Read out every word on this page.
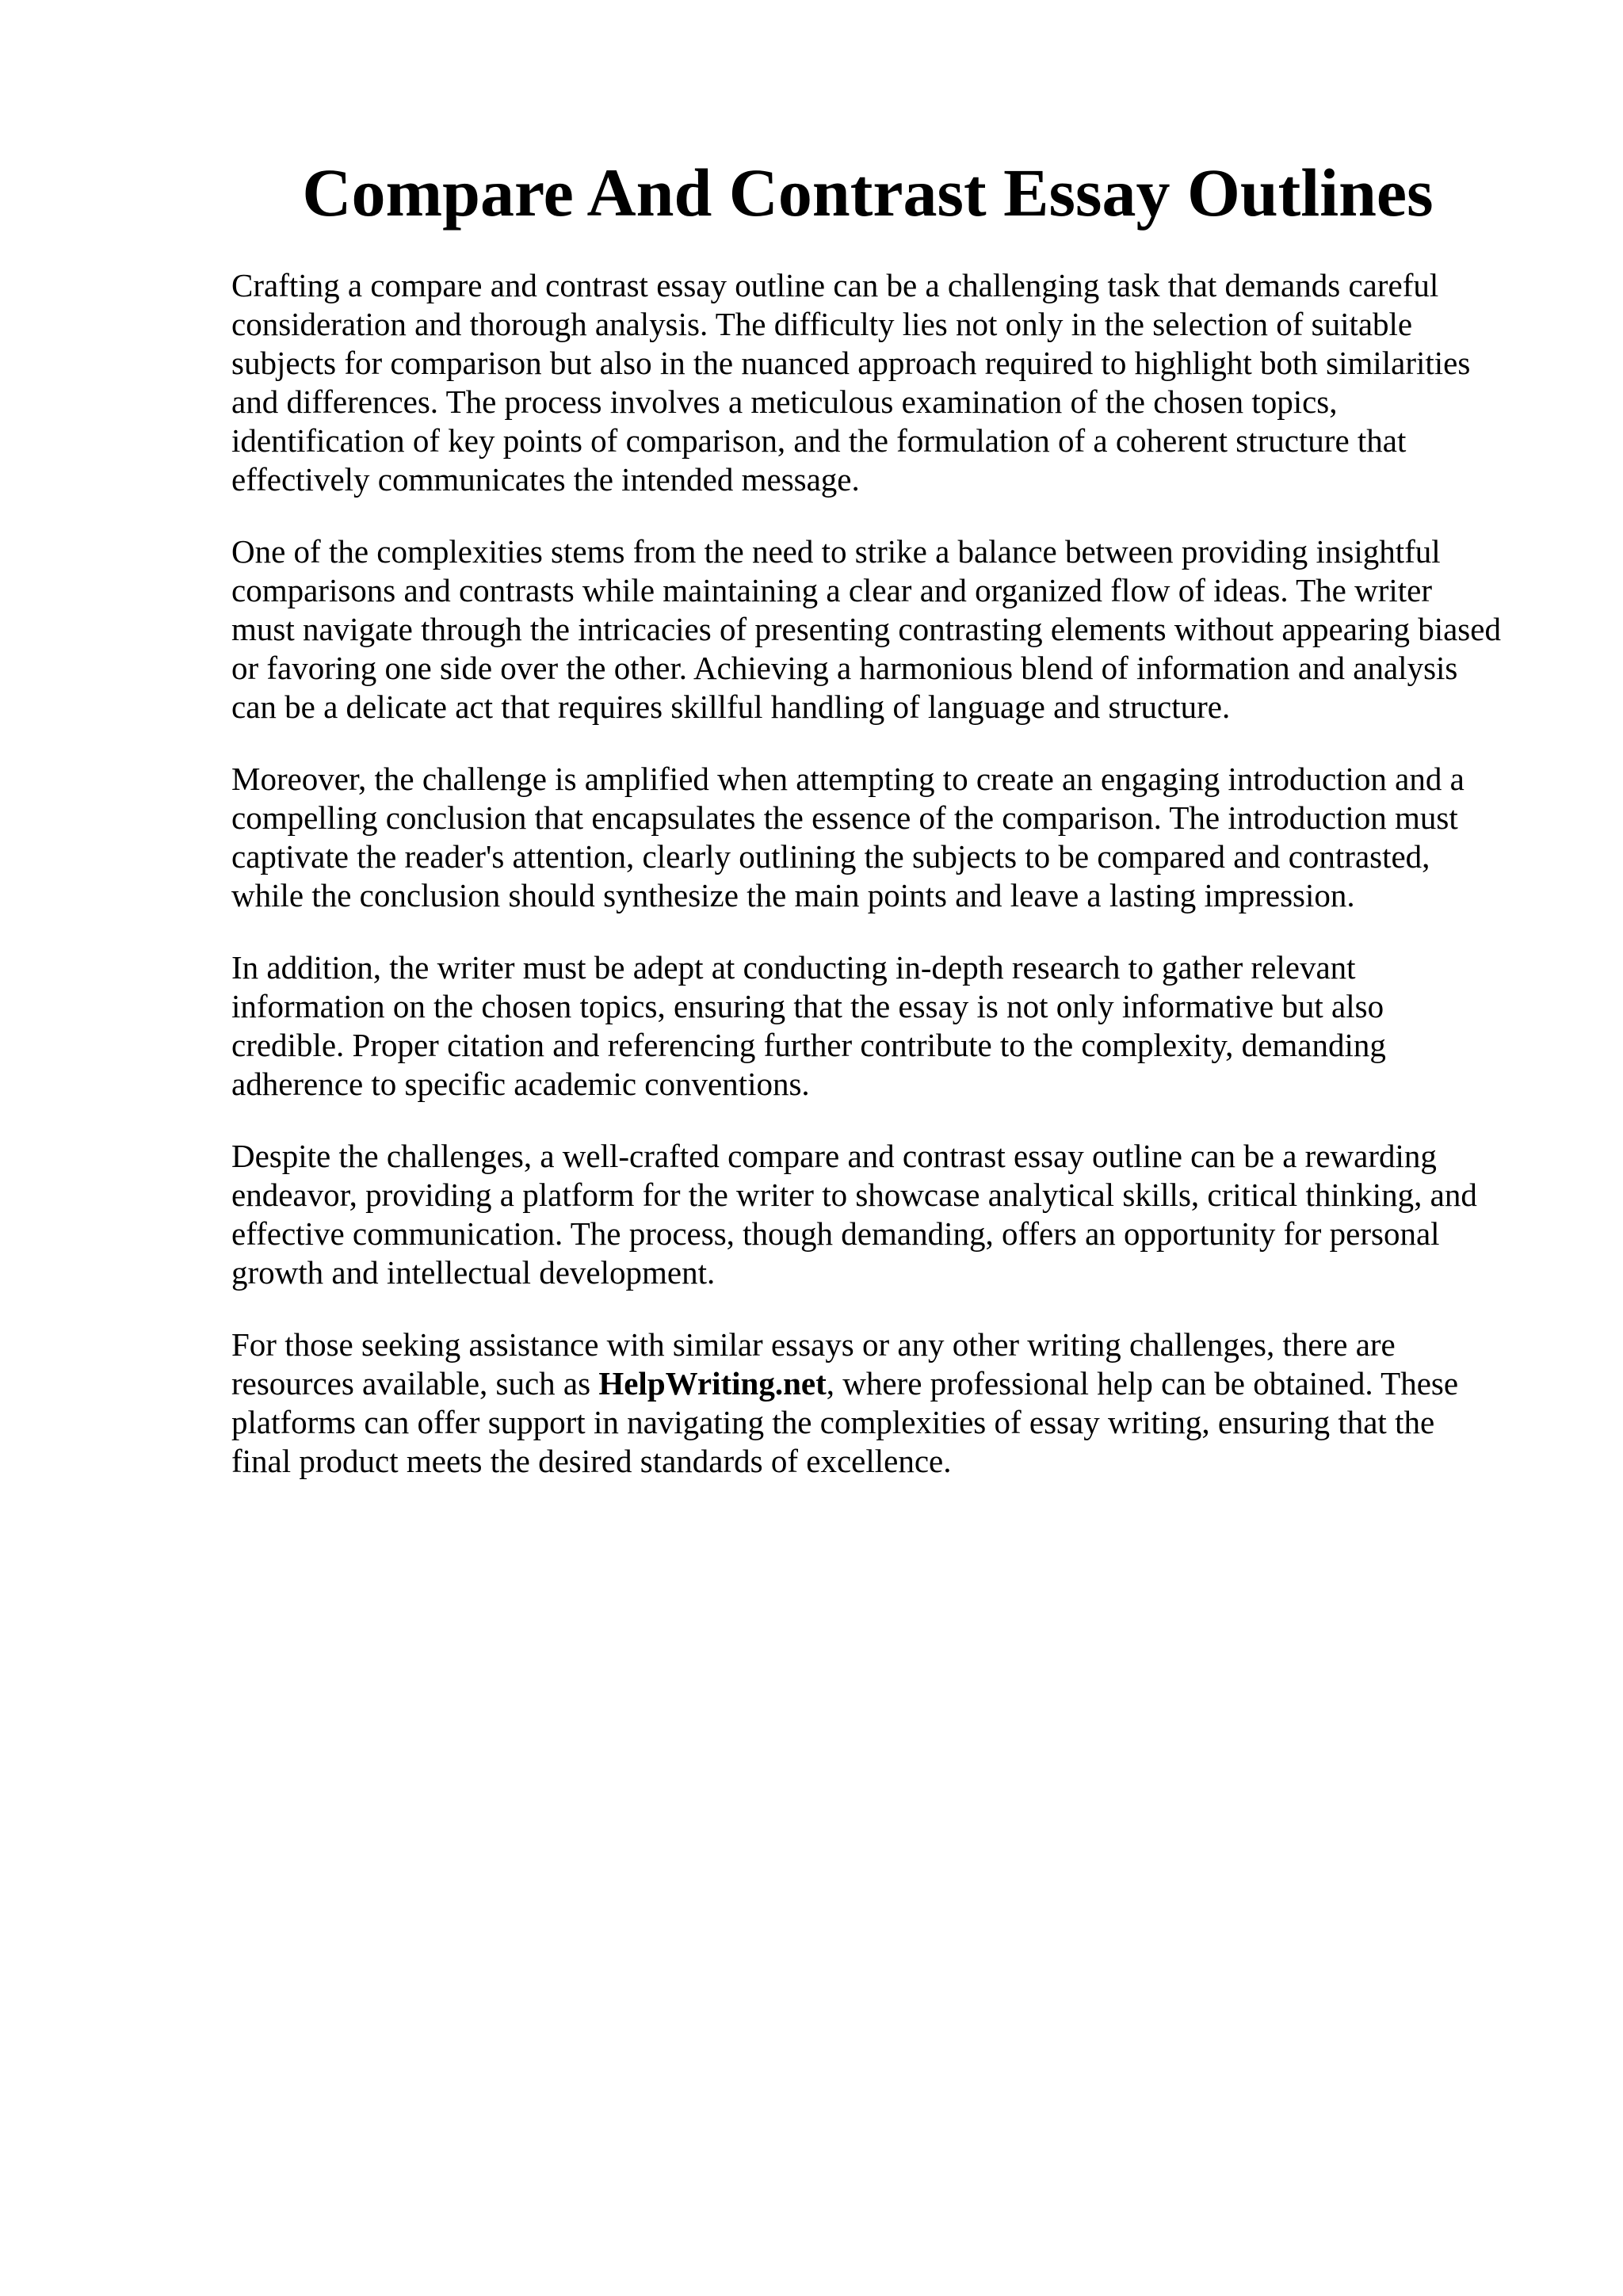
Compare And Contrast Essay Outlines

Crafting a compare and contrast essay outline can be a challenging task that demands careful
consideration and thorough analysis. The difficulty lies not only in the selection of suitable
subjects for comparison but also in the nuanced approach required to highlight both similarities
and differences. The process involves a meticulous examination of the chosen topics,
identification of key points of comparison, and the formulation of a coherent structure that
effectively communicates the intended message.

One of the complexities stems from the need to strike a balance between providing insightful
comparisons and contrasts while maintaining a clear and organized flow of ideas. The writer
must navigate through the intricacies of presenting contrasting elements without appearing biased
or favoring one side over the other. Achieving a harmonious blend of information and analysis
can be a delicate act that requires skillful handling of language and structure.

Moreover, the challenge is amplified when attempting to create an engaging introduction and a
compelling conclusion that encapsulates the essence of the comparison. The introduction must
captivate the reader's attention, clearly outlining the subjects to be compared and contrasted,
while the conclusion should synthesize the main points and leave a lasting impression.

In addition, the writer must be adept at conducting in-depth research to gather relevant
information on the chosen topics, ensuring that the essay is not only informative but also
credible. Proper citation and referencing further contribute to the complexity, demanding
adherence to specific academic conventions.

Despite the challenges, a well-crafted compare and contrast essay outline can be a rewarding
endeavor, providing a platform for the writer to showcase analytical skills, critical thinking, and
effective communication. The process, though demanding, offers an opportunity for personal
growth and intellectual development.

For those seeking assistance with similar essays or any other writing challenges, there are
resources available, such as HelpWriting.net, where professional help can be obtained. These
platforms can offer support in navigating the complexities of essay writing, ensuring that the
final product meets the desired standards of excellence.
